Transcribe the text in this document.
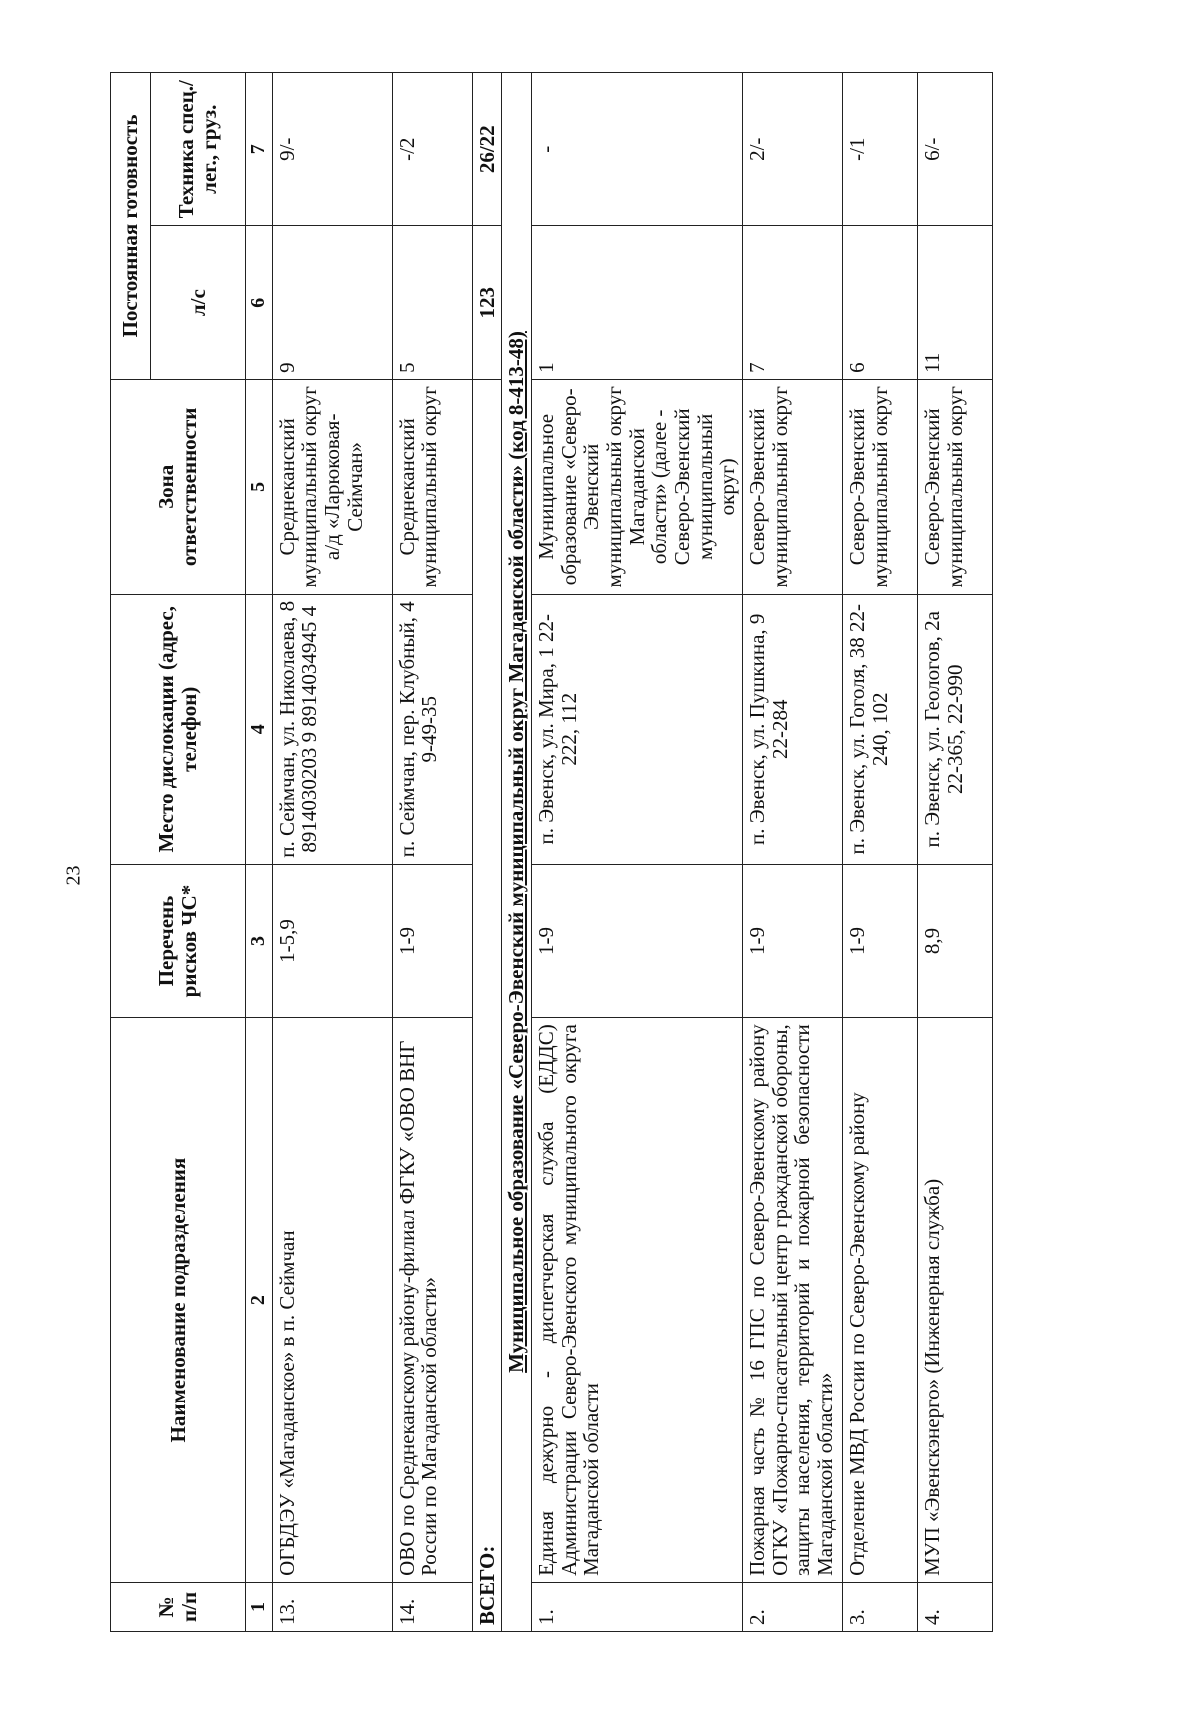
23
№ п/п	Наименование подразделения	Перечень рисков ЧС*	Место дислокации (адрес, телефон)	Зона ответственности	Постоянная готовность	
					л/с	Техника спец./лег., груз.
1	2	3	4	5	6	7
13.	ОГБДЭУ «Магаданское» в п. Сеймчан	1-5,9	п. Сеймчан, ул. Николаева, 8 8914030203 9 8914034945 4	Среднеканский муниципальный округ а/д «Ларюковая-Сеймчан»	9	9/-
14.	ОВО по Среднеканскому району-филиал ФГКУ «ОВО ВНГ России по Магаданской области»	1-9	п. Сеймчан, пер. Клубный, 4 9-49-35	Среднеканский муниципальный округ	5	-/2
ВСЕГО:					123	26/22
Муниципальное образование «Северо-Эвенский муниципальный округ Магаданской области» (код 8-413-48)						
1.	Единая дежурно - диспетчерская служба (ЕДДС) Администрации Северо-Эвенского муниципального округа Магаданской области	1-9	п. Эвенск, ул. Мира, 1 22-222, 112	Муниципальное образование «Северо-Эвенский муниципальный округ Магаданской области» (далее - Северо-Эвенский муниципальный округ)	1	-
2.	Пожарная часть № 16 ГПС по Северо-Эвенскому району ОГКУ «Пожарно-спасательный центр гражданской обороны, защиты населения, территорий и пожарной безопасности Магаданской области»	1-9	п. Эвенск, ул. Пушкина, 9 22-284	Северо-Эвенский муниципальный округ	7	2/-
3.	Отделение МВД России по Северо-Эвенскому району	1-9	п. Эвенск, ул. Гоголя, 38 22-240, 102	Северо-Эвенский муниципальный округ	6	-/1
4.	МУП «Эвенскэнерго» (Инженерная служба)	8,9	п. Эвенск, ул. Геологов, 2а 22-365, 22-990	Северо-Эвенский муниципальный округ	11	6/-
